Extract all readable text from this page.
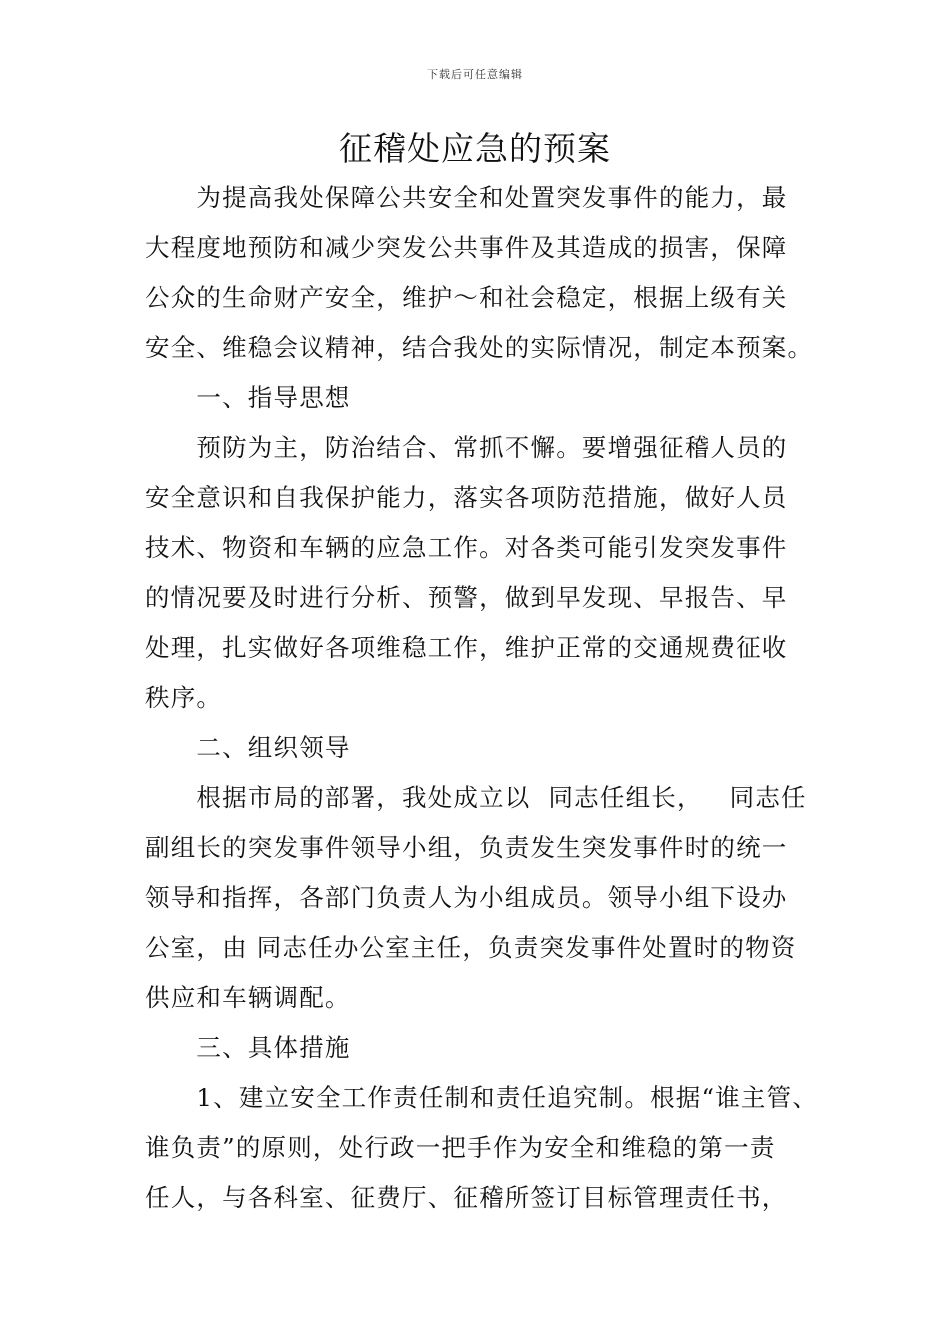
下载后可任意编辑
征稽处应急的预案
　　为提高我处保障公共安全和处置突发事件的能力，最
大程度地预防和减少突发公共事件及其造成的损害，保障
公众的生命财产安全，维护～和社会稳定，根据上级有关
安全、维稳会议精神，结合我处的实际情况，制定本预案。
　　一、指导思想
　　预防为主，防治结合、常抓不懈。要增强征稽人员的
安全意识和自我保护能力，落实各项防范措施，做好人员
技术、物资和车辆的应急工作。对各类可能引发突发事件
的情况要及时进行分析、预警，做到早发现、早报告、早
处理，扎实做好各项维稳工作，维护正常的交通规费征收
秩序。
　　二、组织领导
　　根据市局的部署，我处成立以  同志任组长，   同志任
副组长的突发事件领导小组，负责发生突发事件时的统一
领导和指挥，各部门负责人为小组成员。领导小组下设办
公室，由 同志任办公室主任，负责突发事件处置时的物资
供应和车辆调配。
　　三、具体措施
　　1、建立安全工作责任制和责任追究制。根据“谁主管、
谁负责”的原则，处行政一把手作为安全和维稳的第一责
任人，与各科室、征费厅、征稽所签订目标管理责任书，
